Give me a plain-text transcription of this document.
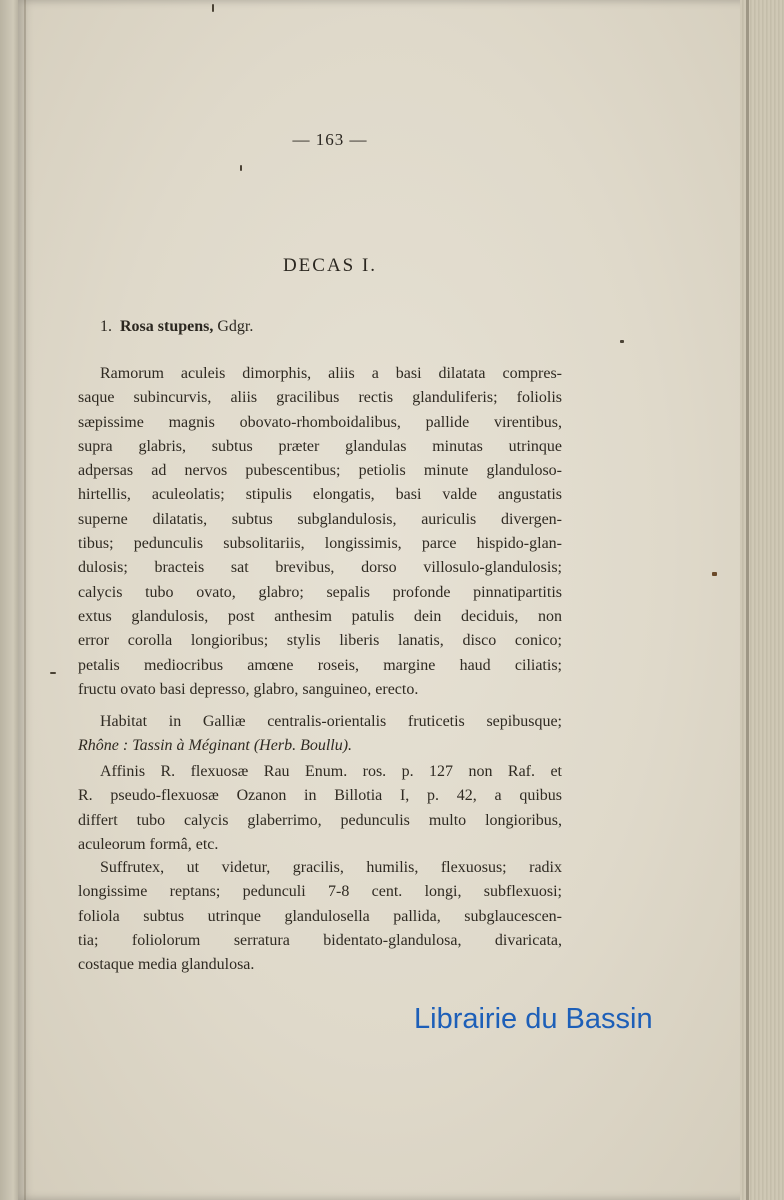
— 163 —
DECAS I.
1. Rosa stupens, Gdgr.
Ramorum aculeis dimorphis, aliis a basi dilatata compres-
saque subincurvis, aliis gracilibus rectis glanduliferis; foliolis
sæpissime magnis obovato-rhomboidalibus, pallide virentibus,
supra glabris, subtus præter glandulas minutas utrinque
adpersas ad nervos pubescentibus; petiolis minute glanduloso-
hirtellis, aculeolatis; stipulis elongatis, basi valde angustatis
superne dilatatis, subtus subglandulosis, auriculis divergen-
tibus; pedunculis subsolitariis, longissimis, parce hispido-glan-
dulosis; bracteis sat brevibus, dorso villosulo-glandulosis;
calycis tubo ovato, glabro; sepalis profonde pinnatipartitis
extus glandulosis, post anthesim patulis dein deciduis, non
error corolla longioribus; stylis liberis lanatis, disco conico;
petalis mediocribus amœne roseis, margine haud ciliatis;
fructu ovato basi depresso, glabro, sanguineo, erecto.
Habitat in Galliæ centralis-orientalis fruticetis sepibusque;
Rhône : Tassin à Méginant (Herb. Boullu).
Affinis R. flexuosæ Rau Enum. ros. p. 127 non Raf. et
R. pseudo-flexuosæ Ozanon in Billotia I, p. 42, a quibus
differt tubo calycis glaberrimo, pedunculis multo longioribus,
aculeorum formâ, etc.
Suffrutex, ut videtur, gracilis, humilis, flexuosus; radix
longissime reptans; pedunculi 7-8 cent. longi, subflexuosi;
foliola subtus utrinque glandulosella pallida, subglaucescen-
tia; foliolorum serratura bidentato-glandulosa, divaricata,
costaque media glandulosa.
Librairie du Bassin
